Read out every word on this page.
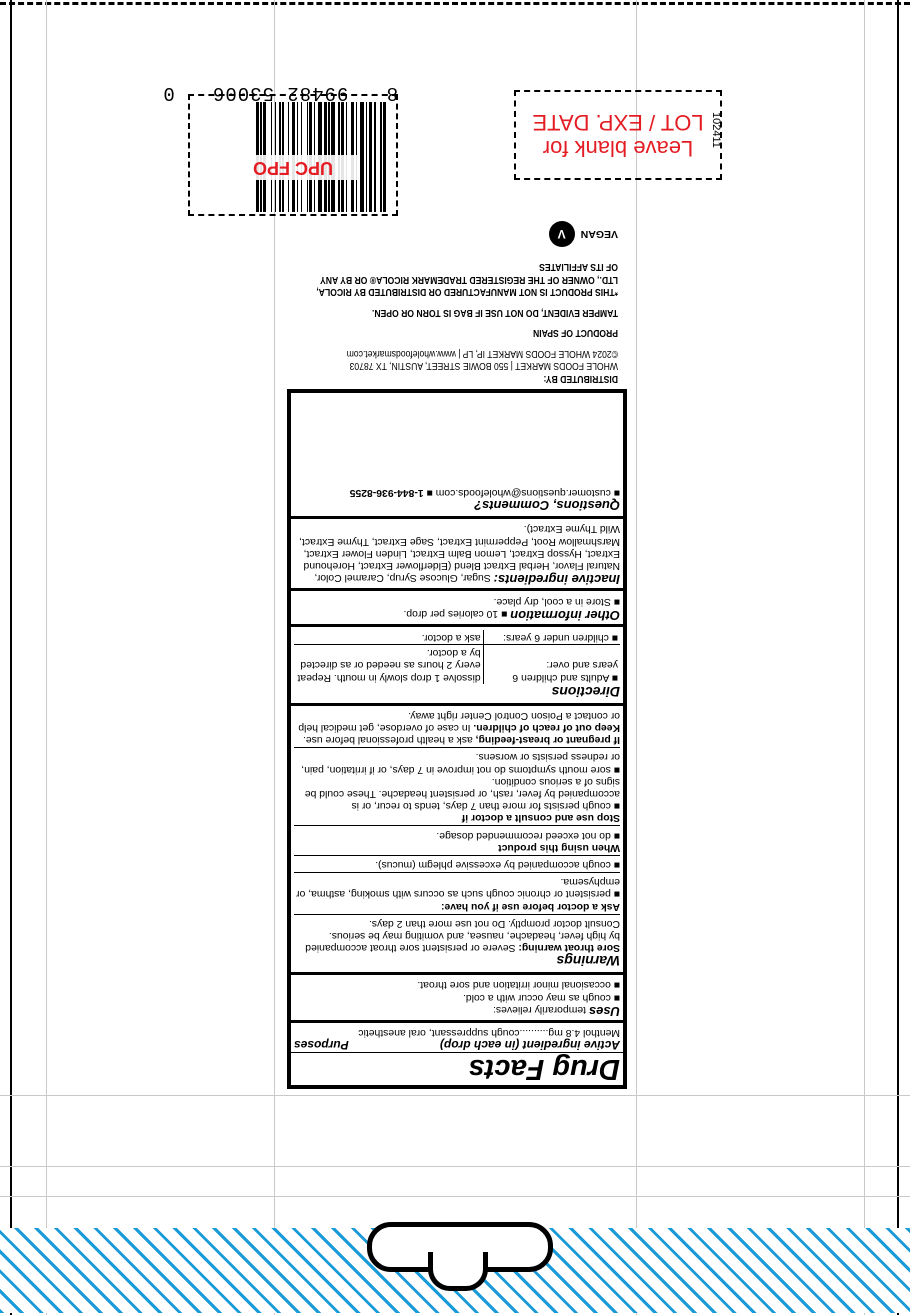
8   99482 53006   0
UPC FPO
Leave blank for
LOT / EXP. DATE 102411
DISTRIBUTED BY:
WHOLE FOODS MARKET | 550 BOWIE STREET, AUSTIN, TX 78703
©2024 WHOLE FOODS MARKET IP, LP | www.wholefoodsmarket.com
PRODUCT OF SPAIN
TAMPER EVIDENT, DO NOT USE IF BAG IS TORN OR OPEN.
*THIS PRODUCT IS NOT MANUFACTURED OR DISTRIBUTED BY RICOLA,
LTD., OWNER OF THE REGISTERED TRADEMARK RICOLA® OR BY ANY
OF ITS AFFILIATES
VEGAN
V
Drug Facts
Active ingredient (in each drop)
Purposes
Menthol 4.8 mg..........cough suppressant, oral anesthetic
Uses temporarily relieves:
■ cough as may occur with a cold.
■ occasional minor irritation and sore throat.
Warnings
Sore throat warning: Severe or persistent sore throat accompanied by high fever, headache, nausea, and vomiting may be serious. Consult doctor promptly. Do not use more than 2 days.
Ask a doctor before use if you have:
■ persistent or chronic cough such as occurs with smoking, asthma, or emphysema.
■ cough accompanied by excessive phlegm (mucus).
When using this product
■ do not exceed recommended dosage.
Stop use and consult a doctor if
■ cough persists for more than 7 days, tends to recur, or is accompanied by fever, rash, or persistent headache. These could be signs of a serious condition.
■ sore mouth symptoms do not improve in 7 days, or if irritation, pain, or redness persists or worsens.
If pregnant or breast-feeding, ask a health professional before use. Keep out of reach of children. In case of overdose, get medical help or contact a Poison Control Center right away.
Directions
■ Adults and children 6 years and over:	dissolve 1 drop slowly in mouth. Repeat every 2 hours as needed or as directed by a doctor.
■ children under 6 years:	ask a doctor.
Other information ■ 10 calories per drop.
■ Store in a cool, dry place.
Inactive ingredients: Sugar, Glucose Syrup, Caramel Color, Natural Flavor, Herbal Extract Blend (Elderflower Extract, Horehound Extract, Hyssop Extract, Lemon Balm Extract, Linden Flower Extract, Marshmallow Root, Peppermint Extract, Sage Extract, Thyme Extract, Wild Thyme Extract).
Questions, Comments?
■ customer.questions@wholefoods.com ■ 1-844-936-8255
